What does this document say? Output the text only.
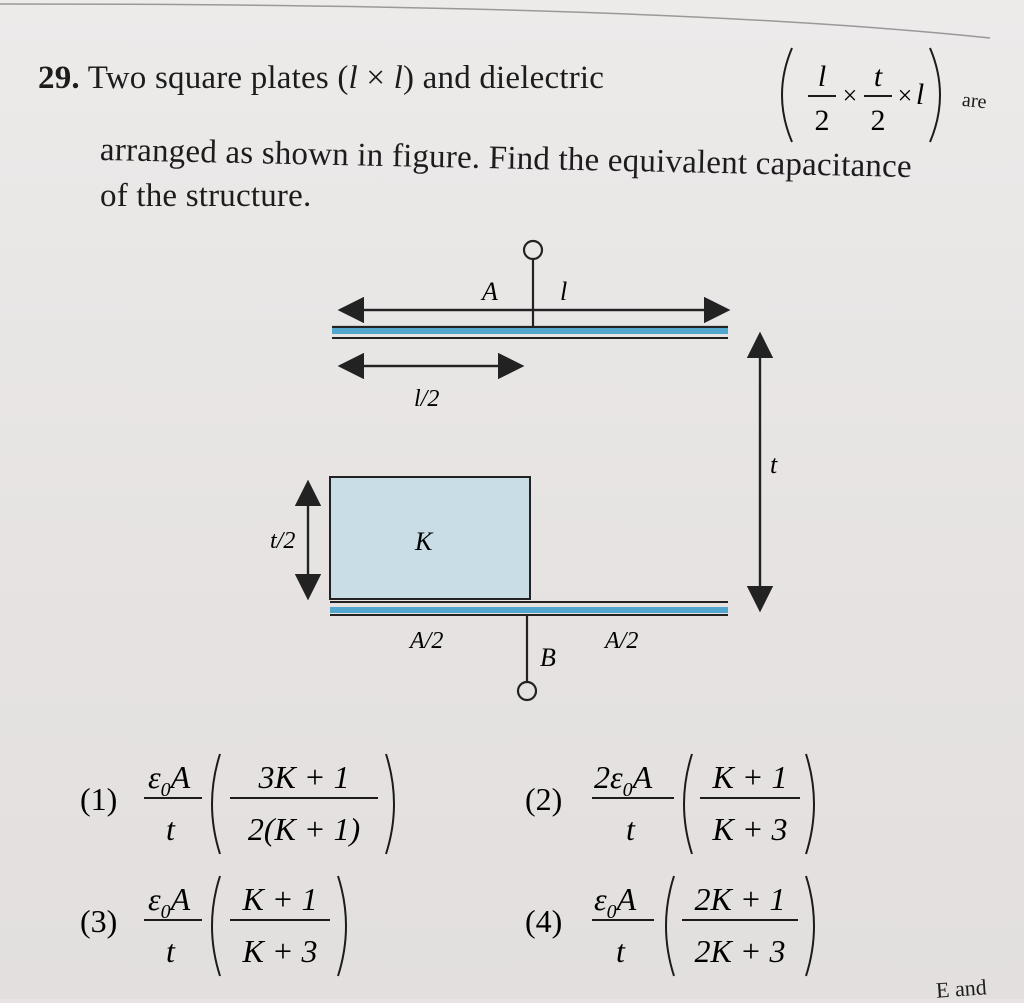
29. Two square plates (l × l) and dielectric	l
2
×
t
2
× l are
arranged as shown in figure. Find the equivalent capacitance
of the structure.
A l
l/2
t
K
t/2
A/2	A/2
B
(1)
$\varepsilon_0A$
t
3K + 1
2(K + 1)
(2)
$2\varepsilon_0A$
t
K + 1
K + 3
(3)
$\varepsilon_0A$
t
K + 1
K + 3
(4)
$\varepsilon_0A$
t
2K + 1
2K + 3
E and
